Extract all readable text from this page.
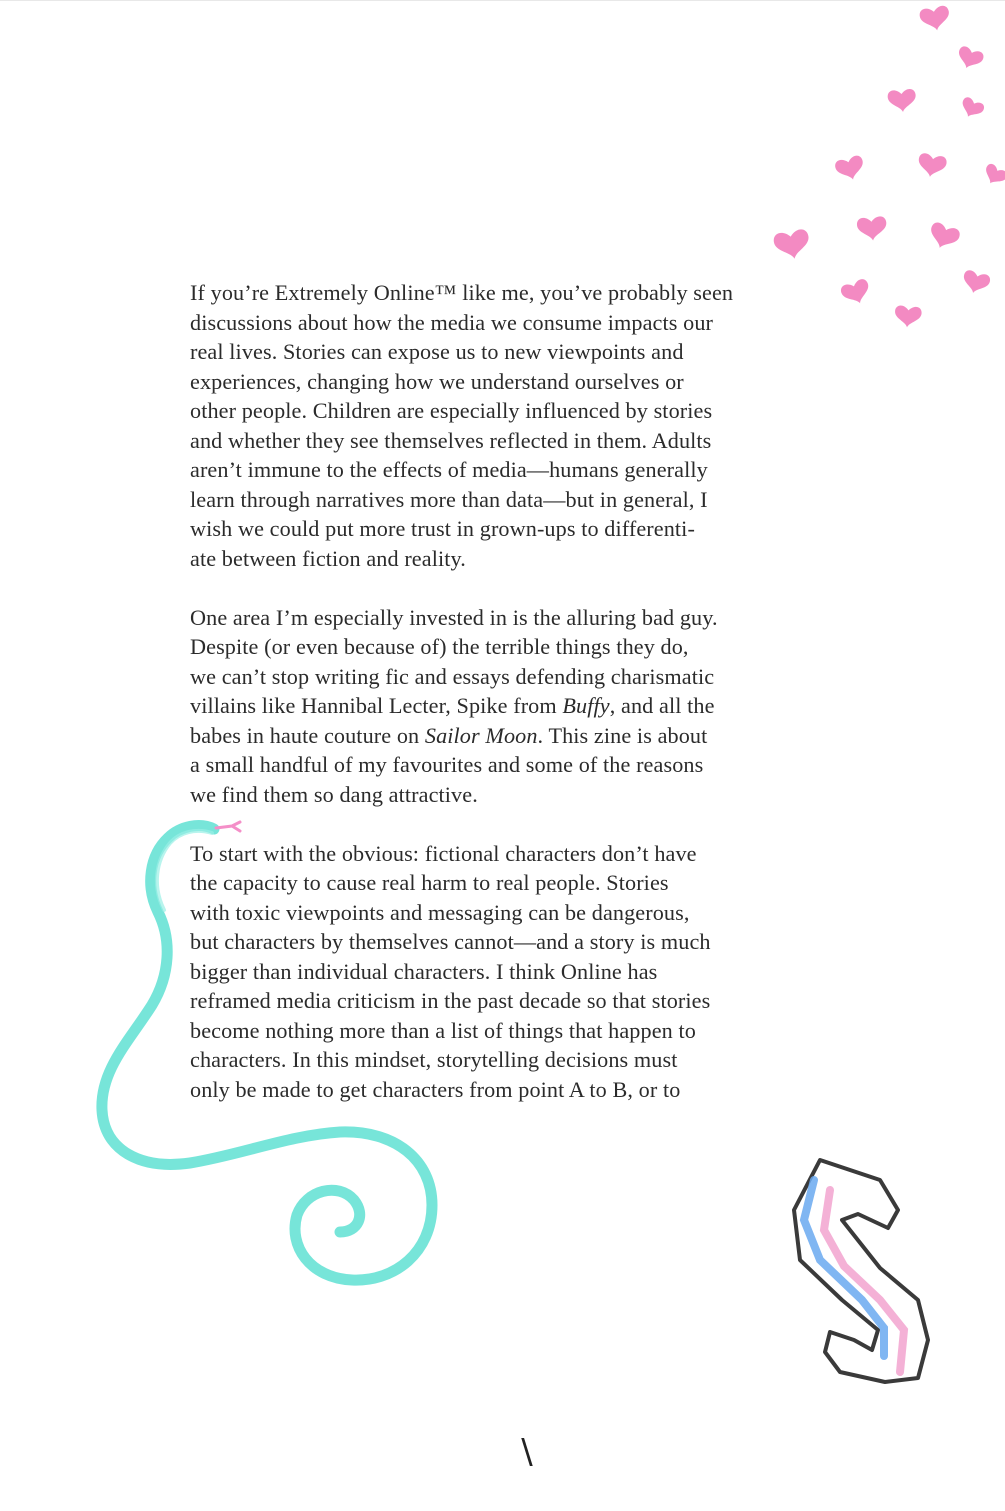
If you’re Extremely Online™ like me, you’ve probably seen
discussions about how the media we consume impacts our
real lives. Stories can expose us to new viewpoints and
experiences, changing how we understand ourselves or
other people. Children are especially influenced by stories
and whether they see themselves reflected in them. Adults
aren’t immune to the effects of media—humans generally
learn through narratives more than data—but in general, I
wish we could put more trust in grown-ups to differenti-
ate between fiction and reality.

One area I’m especially invested in is the alluring bad guy.
Despite (or even because of) the terrible things they do,
we can’t stop writing fic and essays defending charismatic
villains like Hannibal Lecter, Spike from Buffy, and all the
babes in haute couture on Sailor Moon. This zine is about
a small handful of my favourites and some of the reasons
we find them so dang attractive.

To start with the obvious: fictional characters don’t have
the capacity to cause real harm to real people. Stories
with toxic viewpoints and messaging can be dangerous,
but characters by themselves cannot—and a story is much
bigger than individual characters. I think Online has
reframed media criticism in the past decade so that stories
become nothing more than a list of things that happen to
characters. In this mindset, storytelling decisions must
only be made to get characters from point A to B, or to

\
